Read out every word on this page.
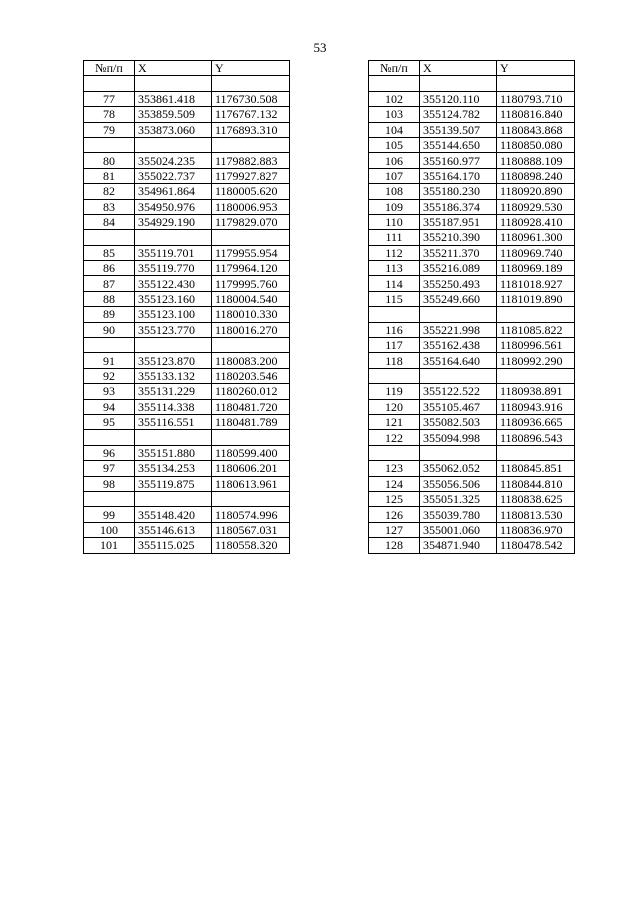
53
№п/п	X	Y

77	353861.418	1176730.508
78	353859.509	1176767.132
79	353873.060	1176893.310

80	355024.235	1179882.883
81	355022.737	1179927.827
82	354961.864	1180005.620
83	354950.976	1180006.953
84	354929.190	1179829.070

85	355119.701	1179955.954
86	355119.770	1179964.120
87	355122.430	1179995.760
88	355123.160	1180004.540
89	355123.100	1180010.330
90	355123.770	1180016.270

91	355123.870	1180083.200
92	355133.132	1180203.546
93	355131.229	1180260.012
94	355114.338	1180481.720
95	355116.551	1180481.789

96	355151.880	1180599.400
97	355134.253	1180606.201
98	355119.875	1180613.961

99	355148.420	1180574.996
100	355146.613	1180567.031
101	355115.025	1180558.320
№п/п	X	Y

102	355120.110	1180793.710
103	355124.782	1180816.840
104	355139.507	1180843.868
105	355144.650	1180850.080
106	355160.977	1180888.109
107	355164.170	1180898.240
108	355180.230	1180920.890
109	355186.374	1180929.530
110	355187.951	1180928.410
111	355210.390	1180961.300
112	355211.370	1180969.740
113	355216.089	1180969.189
114	355250.493	1181018.927
115	355249.660	1181019.890

116	355221.998	1181085.822
117	355162.438	1180996.561
118	355164.640	1180992.290

119	355122.522	1180938.891
120	355105.467	1180943.916
121	355082.503	1180936.665
122	355094.998	1180896.543

123	355062.052	1180845.851
124	355056.506	1180844.810
125	355051.325	1180838.625
126	355039.780	1180813.530
127	355001.060	1180836.970
128	354871.940	1180478.542
